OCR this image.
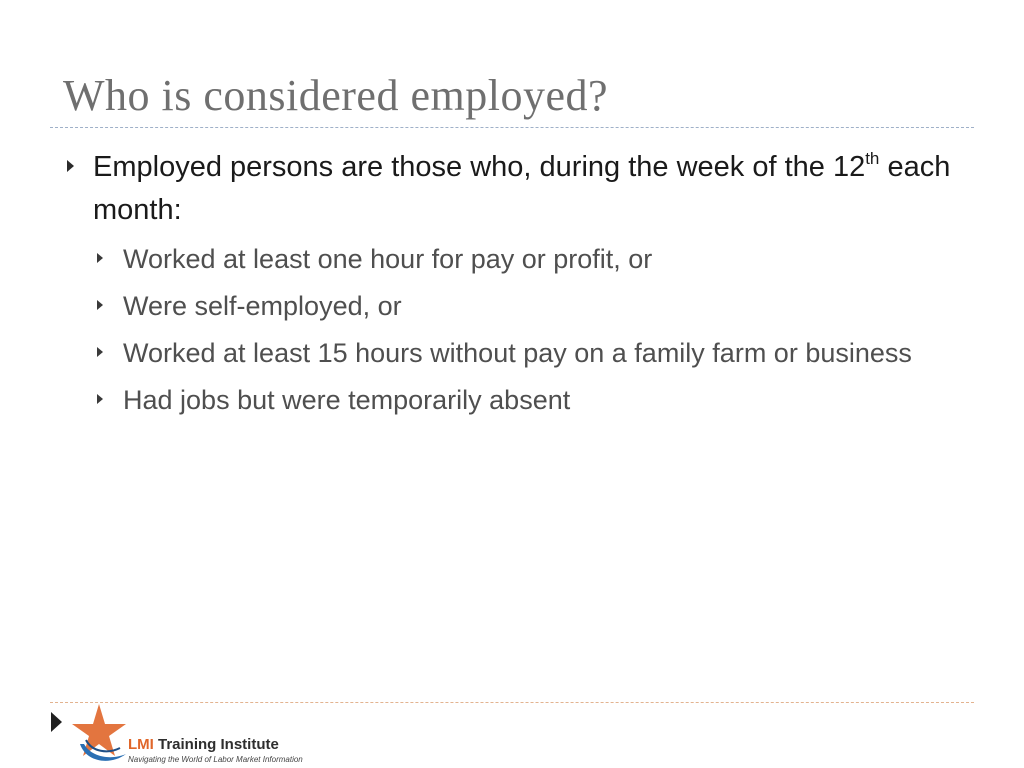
Who is considered employed?
Employed persons are those who, during the week of the 12th each month:
Worked at least one hour for pay or profit, or
Were self-employed, or
Worked at least 15 hours without pay on a family farm or business
Had jobs but were temporarily absent
LMI Training Institute
Navigating the World of Labor Market Information
